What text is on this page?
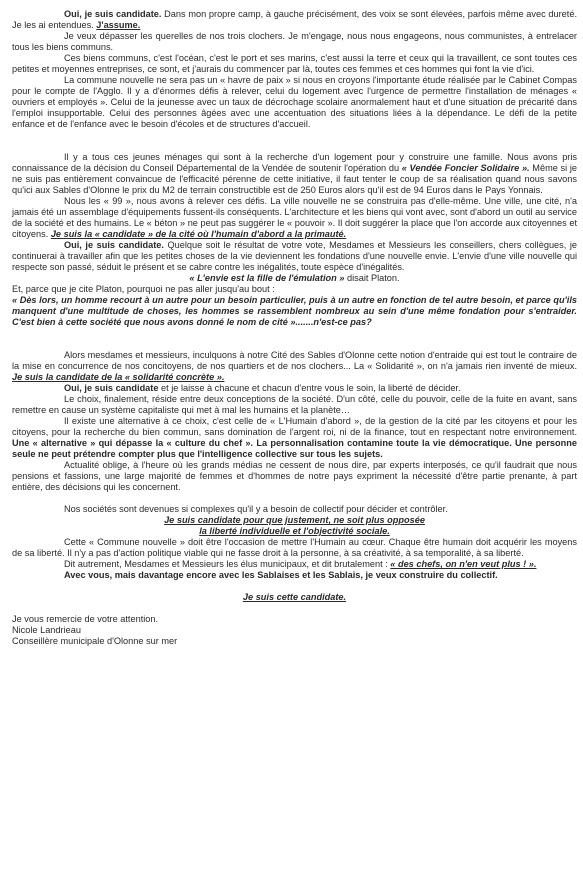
Oui, je suis candidate. Dans mon propre camp, à gauche précisément, des voix se sont élevées, parfois même avec dureté. Je les ai entendues. J'assume.

Je veux dépasser les querelles de nos trois clochers. Je m'engage, nous nous engageons, nous communistes, à entrelacer tous les biens communs.

Ces biens communs, c'est l'océan, c'est le port et ses marins, c'est aussi la terre et ceux qui la travaillent, ce sont toutes ces petites et moyennes entreprises, ce sont, et j'aurais du commencer par là, toutes ces femmes et ces hommes qui font la vie d'ici.

La commune nouvelle ne sera pas un « havre de paix » si nous en croyons l'importante étude réalisée par le Cabinet Compas pour le compte de l'Agglo. Il y a d'énormes défis à relever, celui du logement avec l'urgence de permettre l'installation de ménages « ouvriers et employés ». Celui de la jeunesse avec un taux de décrochage scolaire anormalement haut et d'une situation de précarité dans l'emploi insupportable. Celui des personnes âgées avec une accentuation des situations liées à la dépendance. Le défi de la petite enfance et de l'enfance avec le besoin d'écoles et de structures d'accueil.

Il y a tous ces jeunes ménages qui sont à la recherche d'un logement pour y construire une famille. Nous avons pris connaissance de la décision du Conseil Départemental de la Vendée de soutenir l'opération du « Vendée Foncier Solidaire ». Même si je ne suis pas entièrement convaincue de l'efficacité pérenne de cette initiative, il faut tenter le coup de sa réalisation quand nous savons qu'ici aux Sables d'Olonne le prix du M2 de terrain constructible est de 250 Euros alors qu'il est de 94 Euros dans le Pays Yonnais.

Nous les « 99 », nous avons à relever ces défis. La ville nouvelle ne se construira pas d'elle-même. Une ville, une cité, n'a jamais été un assemblage d'équipements fussent-ils conséquents. L'architecture et les biens qui vont avec, sont d'abord un outil au service de la société et des humains. Le « béton » ne peut pas suggérer le « pouvoir ». Il doit suggérer la place que l'on accorde aux citoyennes et citoyens. Je suis la « candidate » de la cité où l'humain d'abord a la primauté.

Oui, je suis candidate. Quelque soit le résultat de votre vote, Mesdames et Messieurs les conseillers, chers collègues, je continuerai à travailler afin que les petites choses de la vie deviennent les fondations d'une nouvelle envie. L'envie d'une ville nouvelle qui respecte son passé, séduit le présent et se cabre contre les inégalités, toute espèce d'inégalités.

« L'envie est la fille de l'émulation » disait Platon.

Et, parce que je cite Platon, pourquoi ne pas aller jusqu'au bout :

« Dès lors, un homme recourt à un autre pour un besoin particulier, puis à un autre en fonction de tel autre besoin, et parce qu'ils manquent d'une multitude de choses, les hommes se rassemblent nombreux au sein d'une même fondation pour s'entraider. C'est bien à cette société que nous avons donné le nom de cité ».......n'est-ce pas?

Alors mesdames et messieurs, inculquons à notre Cité des Sables d'Olonne cette notion d'entraide qui est tout le contraire de la mise en concurrence de nos concitoyens, de nos quartiers et de nos clochers... La « Solidarité », on n'a jamais rien inventé de mieux. Je suis la candidate de la « solidarité concrète ».

Oui, je suis candidate et je laisse à chacune et chacun d'entre vous le soin, la liberté de décider.

Le choix, finalement, réside entre deux conceptions de la société. D'un côté, celle du pouvoir, celle de la fuite en avant, sans remettre en cause un système capitaliste qui met à mal les humains et la planète…

Il existe une alternative à ce choix, c'est celle de « L'Humain d'abord », de la gestion de la cité par les citoyens et pour les citoyens, pour la recherche du bien commun, sans domination de l'argent roi, ni de la finance, tout en respectant notre environnement. Une « alternative » qui dépasse la « culture du chef ». La personnalisation contamine toute la vie démocratique. Une personne seule ne peut prétendre compter plus que l'intelligence collective sur tous les sujets.

Actualité oblige, à l'heure où les grands médias ne cessent de nous dire, par experts interposés, ce qu'il faudrait que nous pensions et fassions, une large majorité de femmes et d'hommes de notre pays expriment la nécessité d'être partie prenante, à part entière, des décisions qui les concernent.

Nos sociétés sont devenues si complexes qu'il y a besoin de collectif pour décider et contrôler.

Je suis candidate pour que justement, ne soit plus opposée

la liberté individuelle et l'objectivité sociale.

Cette « Commune nouvelle » doit être l'occasion de mettre l'Humain au cœur. Chaque être humain doit acquérir les moyens de sa liberté. Il n'y a pas d'action politique viable qui ne fasse droit à la personne, à sa créativité, à sa temporalité, à sa liberté.

Dit autrement, Mesdames et Messieurs les élus municipaux, et dit brutalement : « des chefs, on n'en veut plus ! ».

Avec vous, mais davantage encore avec les Sablaises et les Sablais, je veux construire du collectif.

Je suis cette candidate.

Je vous remercie de votre attention.

Nicole Landrieau

Conseillère municipale d'Olonne sur mer
